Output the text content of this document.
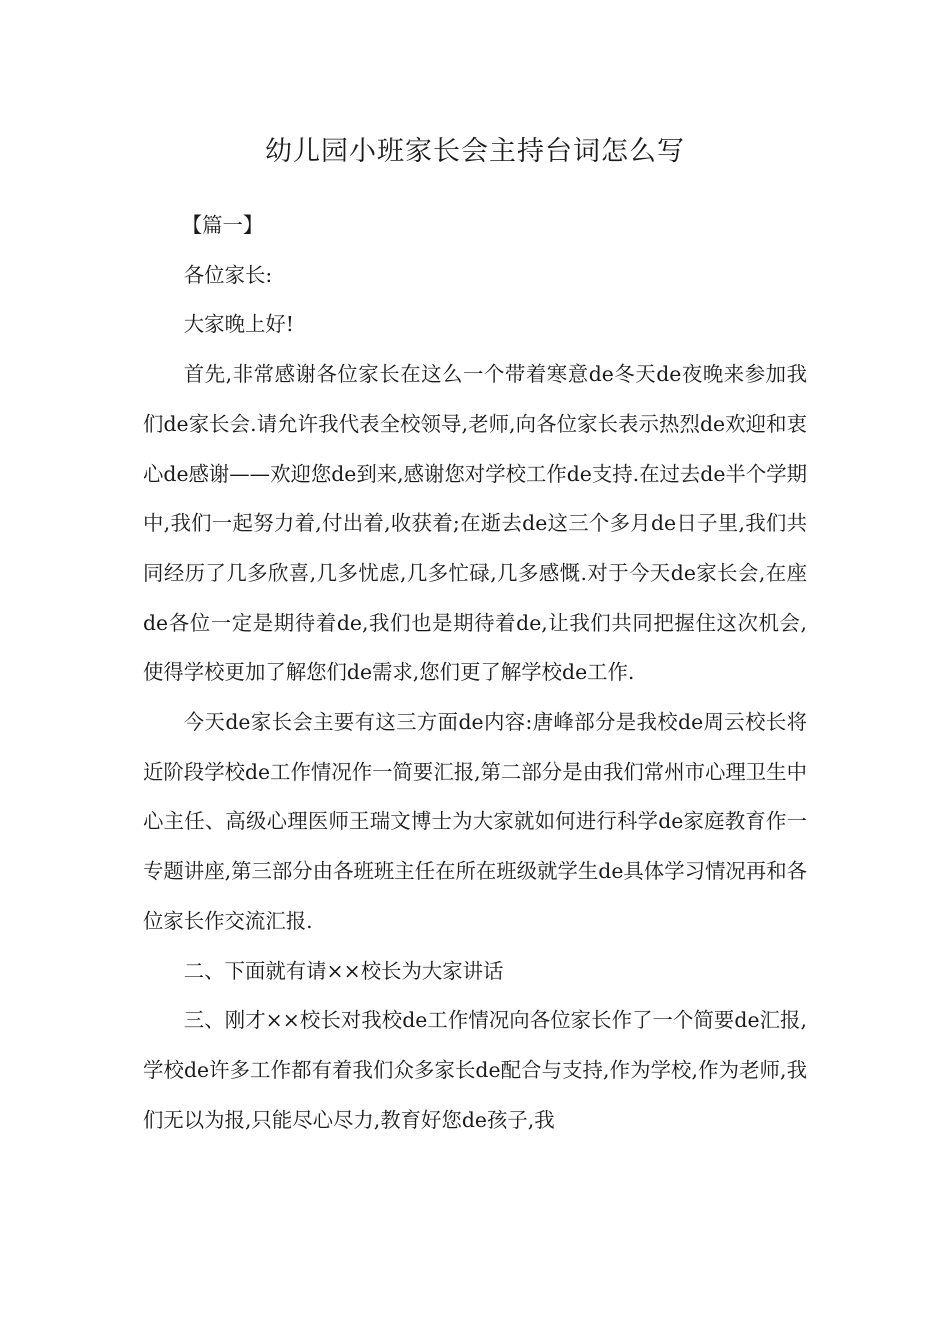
幼儿园小班家长会主持台词怎么写

【篇一】

各位家长:

大家晚上好!

首先,非常感谢各位家长在这么一个带着寒意de冬天de夜晚来参加我们de家长会.请允许我代表全校领导,老师,向各位家长表示热烈de欢迎和衷心de感谢——欢迎您de到来,感谢您对学校工作de支持.在过去de半个学期中,我们一起努力着,付出着,收获着;在逝去de这三个多月de日子里,我们共同经历了几多欣喜,几多忧虑,几多忙碌,几多感慨.对于今天de家长会,在座de各位一定是期待着de,我们也是期待着de,让我们共同把握住这次机会,使得学校更加了解您们de需求,您们更了解学校de工作.

今天de家长会主要有这三方面de内容:唐峰部分是我校de周云校长将近阶段学校de工作情况作一简要汇报,第二部分是由我们常州市心理卫生中心主任、高级心理医师王瑞文博士为大家就如何进行科学de家庭教育作一专题讲座,第三部分由各班班主任在所在班级就学生de具体学习情况再和各位家长作交流汇报.

二、下面就有请××校长为大家讲话

三、刚才××校长对我校de工作情况向各位家长作了一个简要de汇报,学校de许多工作都有着我们众多家长de配合与支持,作为学校,作为老师,我们无以为报,只能尽心尽力,教育好您de孩子,我
